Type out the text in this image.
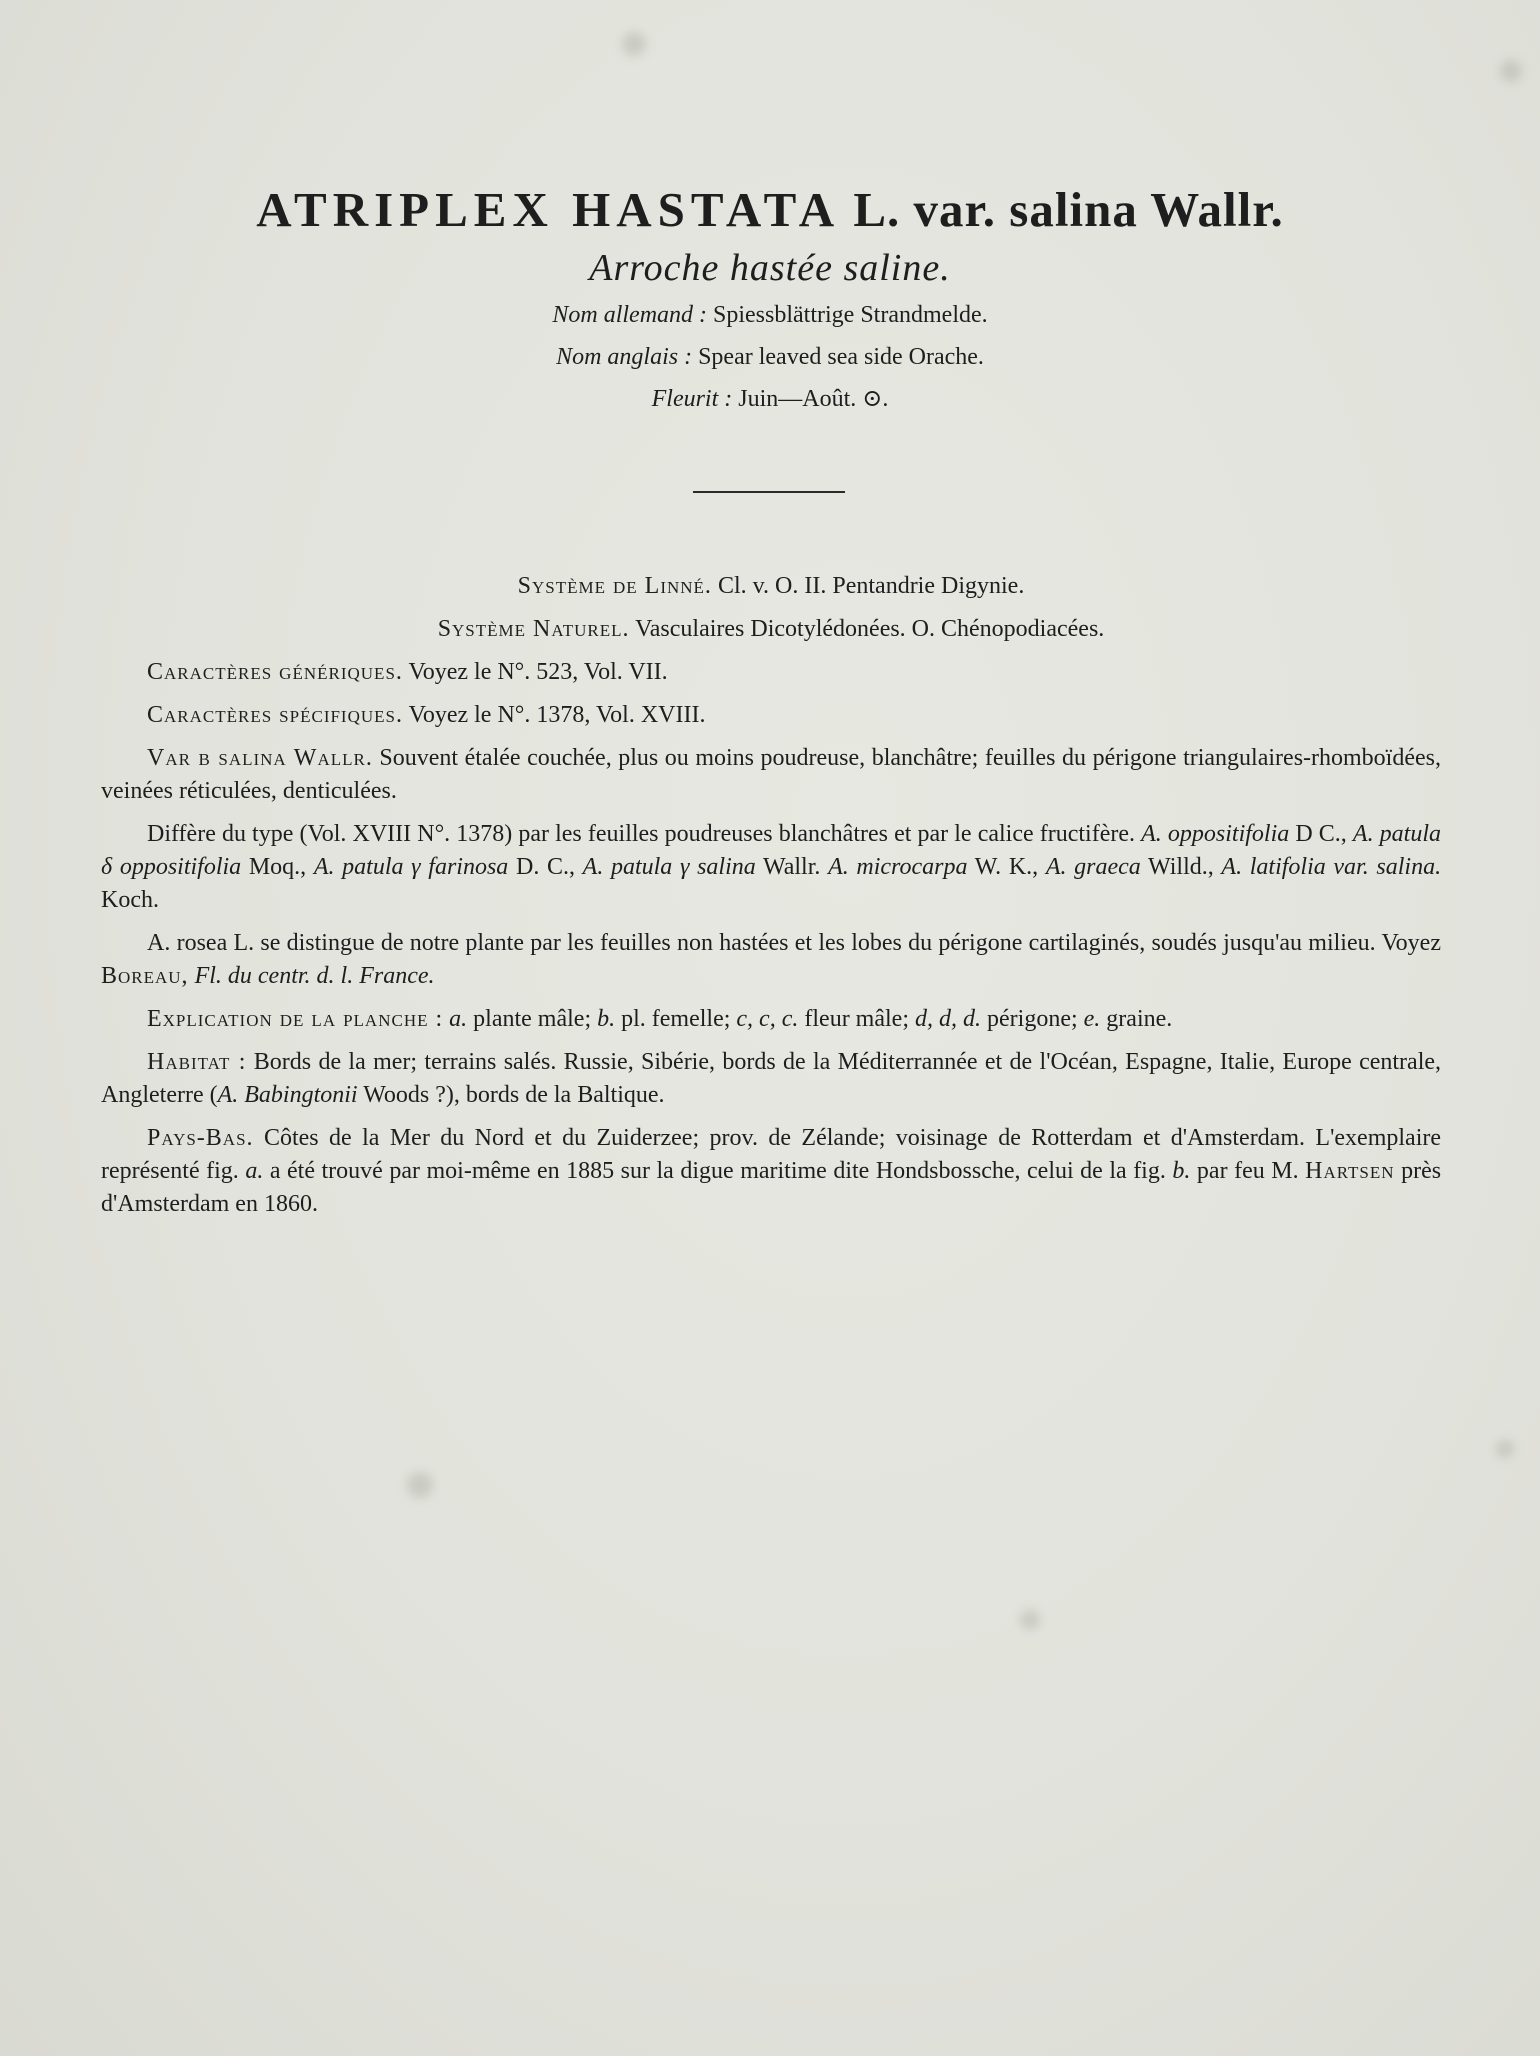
ATRIPLEX HASTATA L. var. salina Wallr.
Arroche hastée saline.
Nom allemand : Spiessblättrige Strandmelde.
Nom anglais : Spear leaved sea side Orache.
Fleurit : Juin—Août. ⊙.

Système de Linné. Cl. v. O. II. Pentandrie Digynie.

Système Naturel. Vasculaires Dicotylédonées. O. Chénopodiacées.

Caractères génériques. Voyez le N°. 523, Vol. VII.

Caractères spécifiques. Voyez le N°. 1378, Vol. XVIII.

Var β salina Wallr. Souvent étalée couchée, plus ou moins poudreuse, blanchâtre; feuilles du périgone triangulaires-rhomboïdées, veinées réticulées, denticulées.

Diffère du type (Vol. XVIII N°. 1378) par les feuilles poudreuses blanchâtres et par le calice fructifère. A. oppositifolia D C., A. patula δ oppositifolia Moq., A. patula γ farinosa D. C., A. patula γ salina Wallr. A. microcarpa W. K., A. graeca Willd., A. latifolia var. salina. Koch.

A. rosea L. se distingue de notre plante par les feuilles non hastées et les lobes du périgone cartilaginés, soudés jusqu'au milieu. Voyez Boreau, Fl. du centr. d. l. France.

Explication de la planche : a. plante mâle; b. pl. femelle; c, c, c. fleur mâle; d, d, d. périgone; e. graine.

Habitat : Bords de la mer; terrains salés. Russie, Sibérie, bords de la Méditerrannée et de l'Océan, Espagne, Italie, Europe centrale, Angleterre (A. Babingtonii Woods ?), bords de la Baltique.

Pays-Bas. Côtes de la Mer du Nord et du Zuiderzee; prov. de Zélande; voisinage de Rotterdam et d'Amsterdam. L'exemplaire représenté fig. a. a été trouvé par moi-même en 1885 sur la digue maritime dite Hondsbossche, celui de la fig. b. par feu M. Hartsen près d'Amsterdam en 1860.
